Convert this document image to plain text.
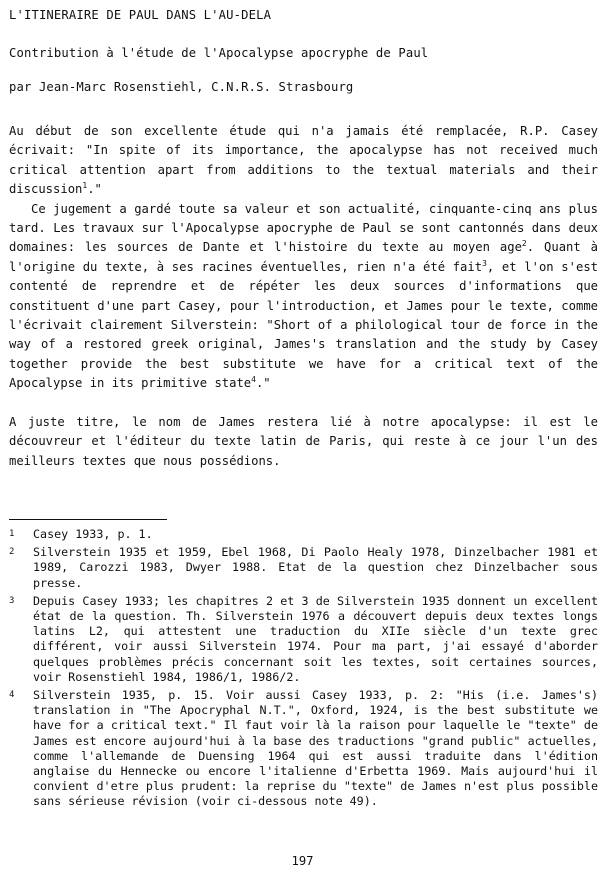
L'ITINERAIRE DE PAUL DANS L'AU-DELA
Contribution à l'étude de l'Apocalypse apocryphe de Paul
par Jean-Marc Rosenstiehl, C.N.R.S. Strasbourg

Au début de son excellente étude qui n'a jamais été remplacée, R.P. Casey écrivait: "In spite of its importance, the apocalypse has not received much critical attention apart from additions to the textual materials and their discussion$^1$."

Ce jugement a gardé toute sa valeur et son actualité, cinquante-cinq ans plus tard. Les travaux sur l'Apocalypse apocryphe de Paul se sont cantonnés dans deux domaines: les sources de Dante et l'histoire du texte au moyen age$^2$. Quant à l'origine du texte, à ses racines éventuelles, rien n'a été fait$^3$, et l'on s'est contenté de reprendre et de répéter les deux sources d'informations que constituent d'une part Casey, pour l'introduction, et James pour le texte, comme l'écrivait clairement Silverstein: "Short of a philological tour de force in the way of a restored greek original, James's translation and the study by Casey together provide the best substitute we have for a critical text of the Apocalypse in its primitive state$^4$."

A juste titre, le nom de James restera lié à notre apocalypse: il est le découvreur et l'éditeur du texte latin de Paris, qui reste à ce jour l'un des meilleurs textes que nous possédions.

1 Casey 1933, p. 1.
2 Silverstein 1935 et 1959, Ebel 1968, Di Paolo Healy 1978, Dinzelbacher 1981 et 1989, Carozzi 1983, Dwyer 1988. Etat de la question chez Dinzelbacher sous presse.
3 Depuis Casey 1933; les chapitres 2 et 3 de Silverstein 1935 donnent un excellent état de la question. Th. Silverstein 1976 a découvert depuis deux textes longs latins L2, qui attestent une traduction du XIIe siècle d'un texte grec différent, voir aussi Silverstein 1974. Pour ma part, j'ai essayé d'aborder quelques problèmes précis concernant soit les textes, soit certaines sources, voir Rosenstiehl 1984, 1986/1, 1986/2.
4 Silverstein 1935, p. 15. Voir aussi Casey 1933, p. 2: "His (i.e. James's) translation in "The Apocryphal N.T.", Oxford, 1924, is the best substitute we have for a critical text." Il faut voir là la raison pour laquelle le "texte" de James est encore aujourd'hui à la base des traductions "grand public" actuelles, comme l'allemande de Duensing 1964 qui est aussi traduite dans l'édition anglaise du Hennecke ou encore l'italienne d'Erbetta 1969. Mais aujourd'hui il convient d'etre plus prudent: la reprise du "texte" de James n'est plus possible sans sérieuse révision (voir ci-dessous note 49).
197
